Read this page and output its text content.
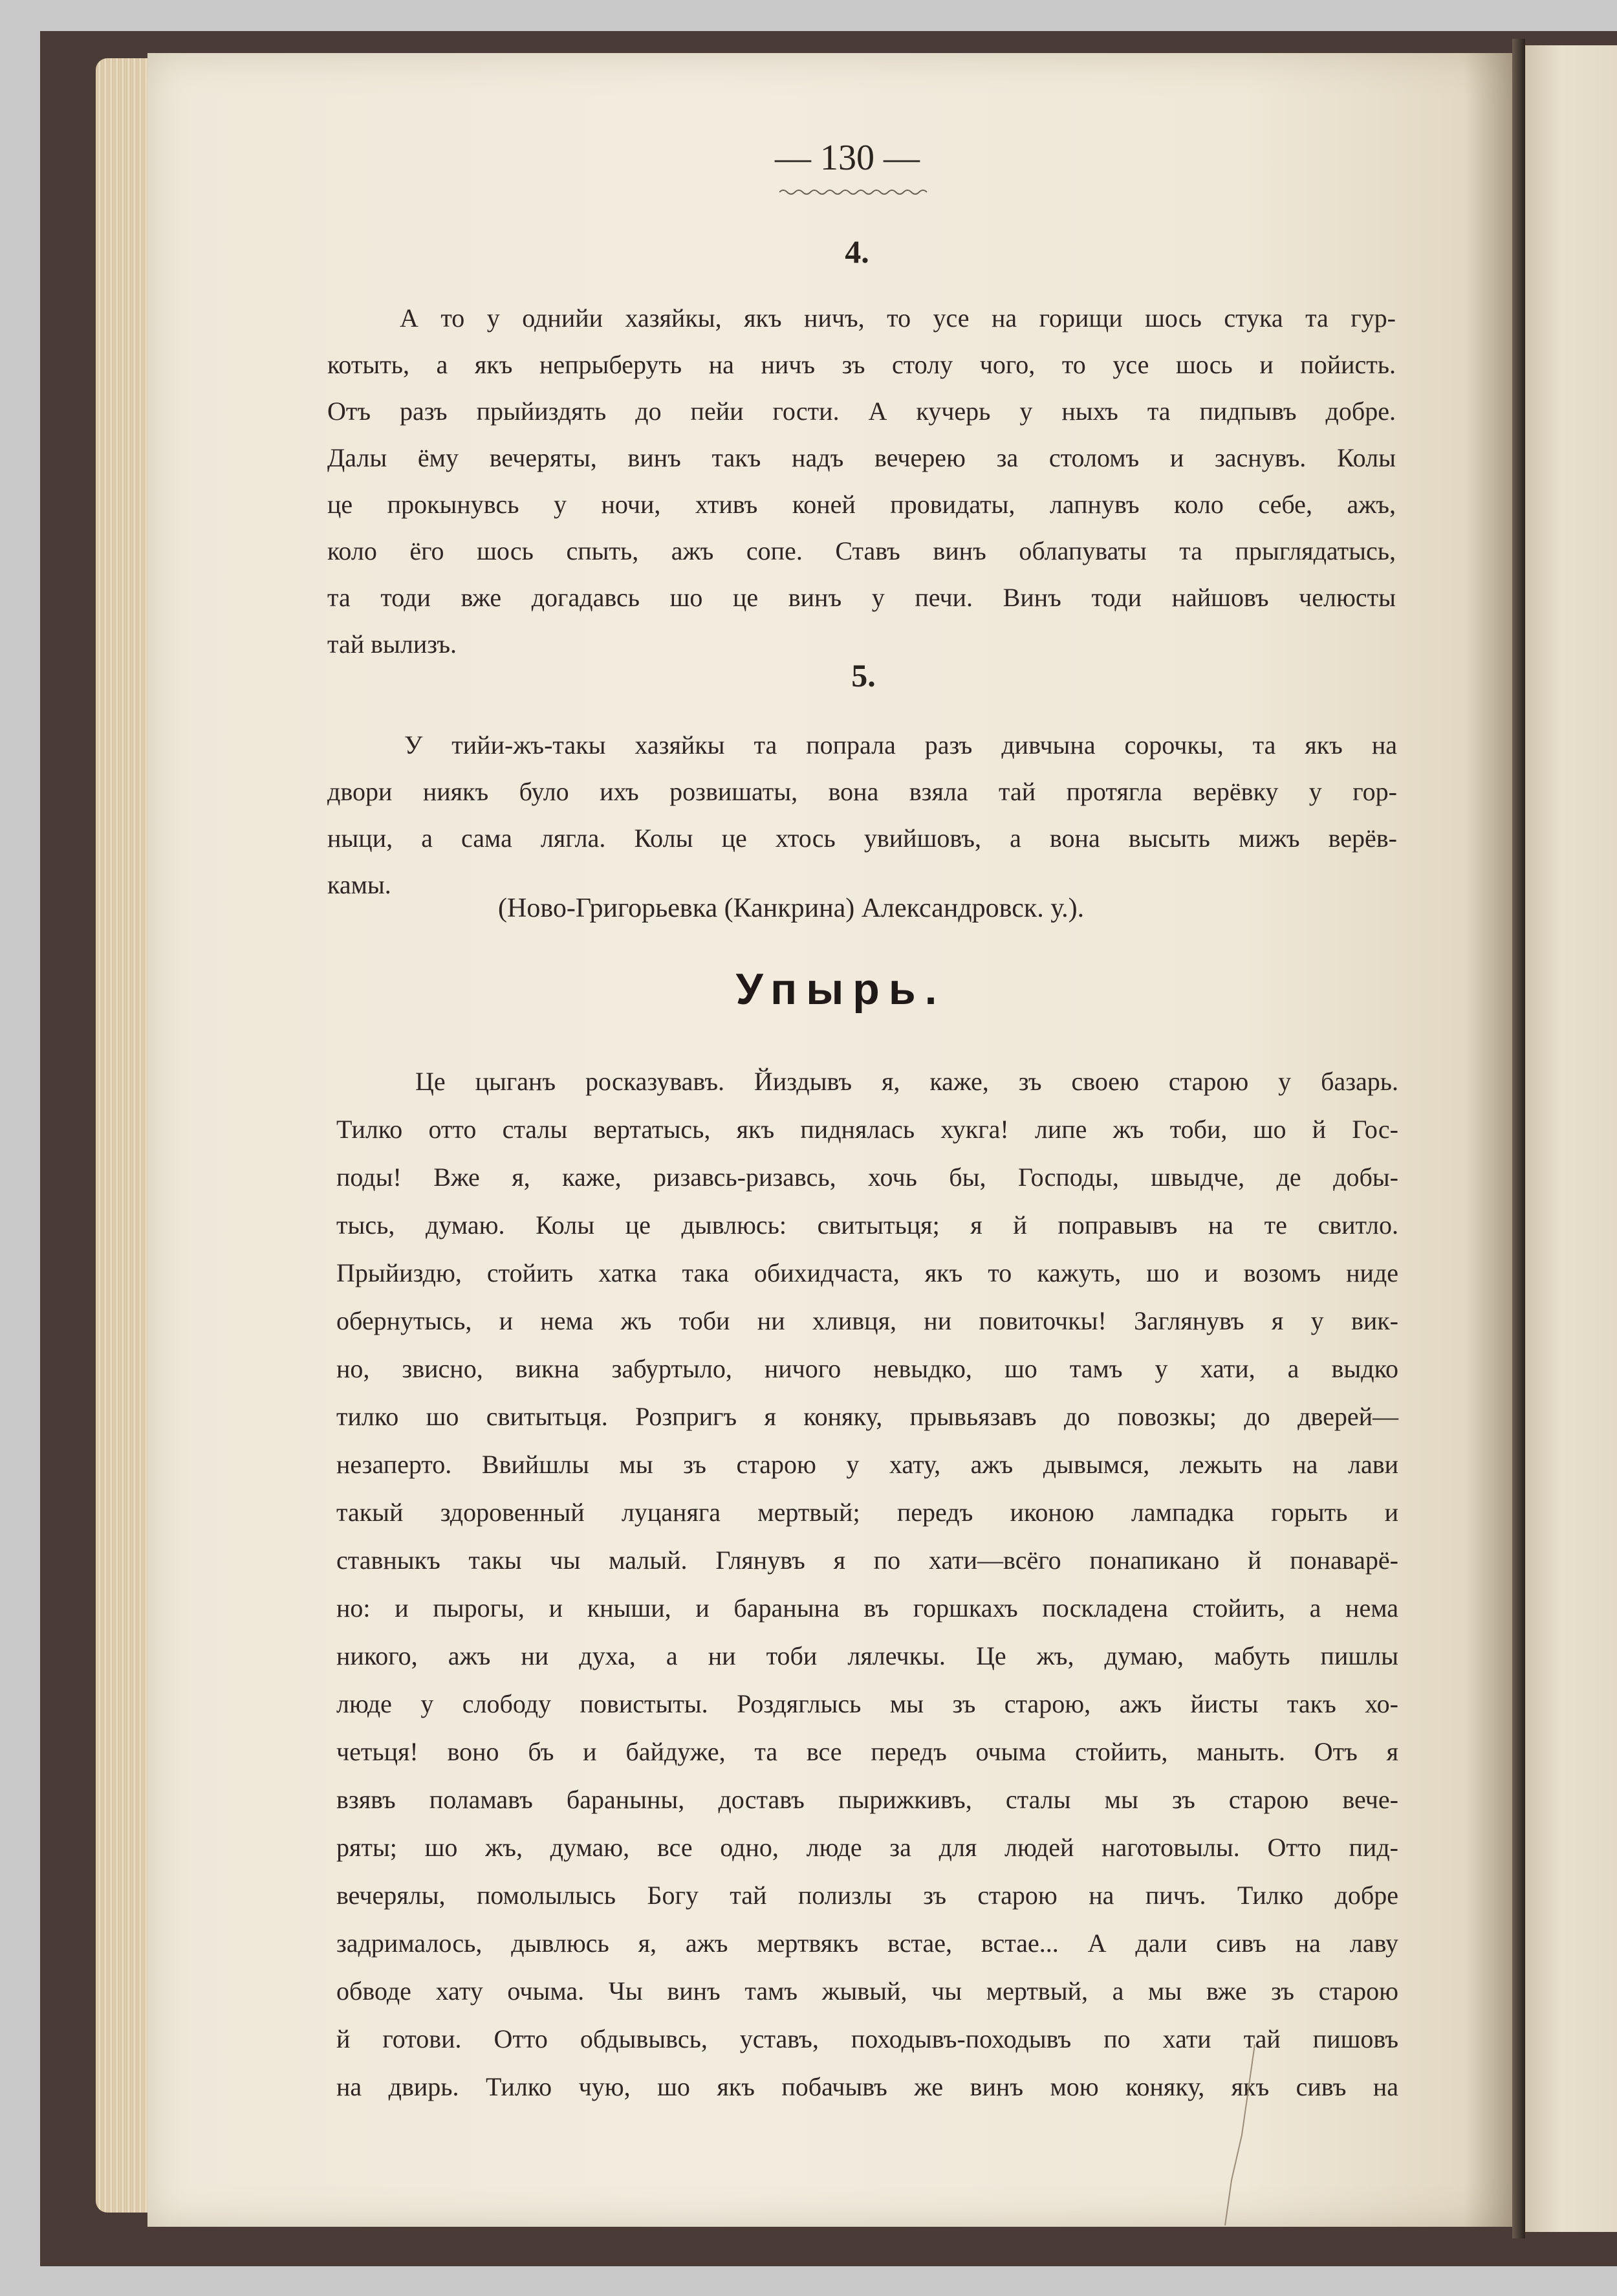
— 130 —
4.
А то у однийи хазяйкы, якъ ничъ, то усе на горищи шось стука та гур-
котыть, а якъ непрыберуть на ничъ зъ столу чого, то усе шось и пойисть.
Отъ разъ прыйиздять до пейи гости. А кучерь у ныхъ та пидпывъ добре.
Далы ёму вечеряты, винъ такъ надъ вечерею за столомъ и заснувъ. Колы
це прокынувсь у ночи, хтивъ коней провидаты, лапнувъ коло себе, ажъ,
коло ёго шось спыть, ажъ сопе. Ставъ винъ облапуваты та прыглядатысь,
та тоди вже догадавсь шо це винъ у печи. Винъ тоди найшовъ челюсты
тай вылизъ.
5.
У тийи-жъ-такы хазяйкы та попрала разъ дивчына сорочкы, та якъ на
двори ниякъ було ихъ розвишаты, вона взяла тай протягла верёвку у гор-
ныци, а сама лягла. Колы це хтось увийшовъ, а вона высыть мижъ верёв-
камы.
(Ново-Григорьевка (Канкрина) Александровск. у.).
Упырь.
Це цыганъ росказувавъ. Йиздывъ я, каже, зъ своею старою у базарь.
Тилко отто сталы вертатысь, якъ пиднялась хукга! липе жъ тоби, шо й Гос-
поды! Вже я, каже, ризавсь-ризавсь, хочь бы, Господы, швыдче, де добы-
тысь, думаю. Колы це дывлюсь: свитытьця; я й поправывъ на те свитло.
Прыйиздю, стойить хатка така обихидчаста, якъ то кажуть, шо и возомъ ниде
обернутысь, и нема жъ тоби ни хливця, ни повиточкы! Заглянувъ я у вик-
но, звисно, викна забуртыло, ничого невыдко, шо тамъ у хати, а выдко
тилко шо свитытьця. Розпригъ я коняку, прывьязавъ до повозкы; до дверей—
незаперто. Ввийшлы мы зъ старою у хату, ажъ дывымся, лежыть на лави
такый здоровенный луцаняга мертвый; передъ иконою лампадка горыть и
ставныкъ такы чы малый. Глянувъ я по хати—всёго понапикано й понаварё-
но: и пырогы, и кныши, и баранына въ горшкахъ поскладена стойить, а нема
никого, ажъ ни духа, а ни тоби лялечкы. Це жъ, думаю, мабуть пишлы
люде у слободу повистыты. Роздяглысь мы зъ старою, ажъ йисты такъ хо-
четьця! воно бъ и байдуже, та все передъ очыма стойить, маныть. Отъ я
взявъ поламавъ бараныны, доставъ пырижкивъ, сталы мы зъ старою вече-
ряты; шо жъ, думаю, все одно, люде за для людей наготовылы. Отто пид-
вечерялы, помолылысь Богу тай полизлы зъ старою на пичъ. Тилко добре
задрималось, дывлюсь я, ажъ мертвякъ встае, встае... А дали сивъ на лаву
обводе хату очыма. Чы винъ тамъ жывый, чы мертвый, а мы вже зъ старою
й готови. Отто обдывывсь, уставъ, походывъ-походывъ по хати тай пишовъ
на двирь. Тилко чую, шо якъ побачывъ же винъ мою коняку, якъ сивъ на
